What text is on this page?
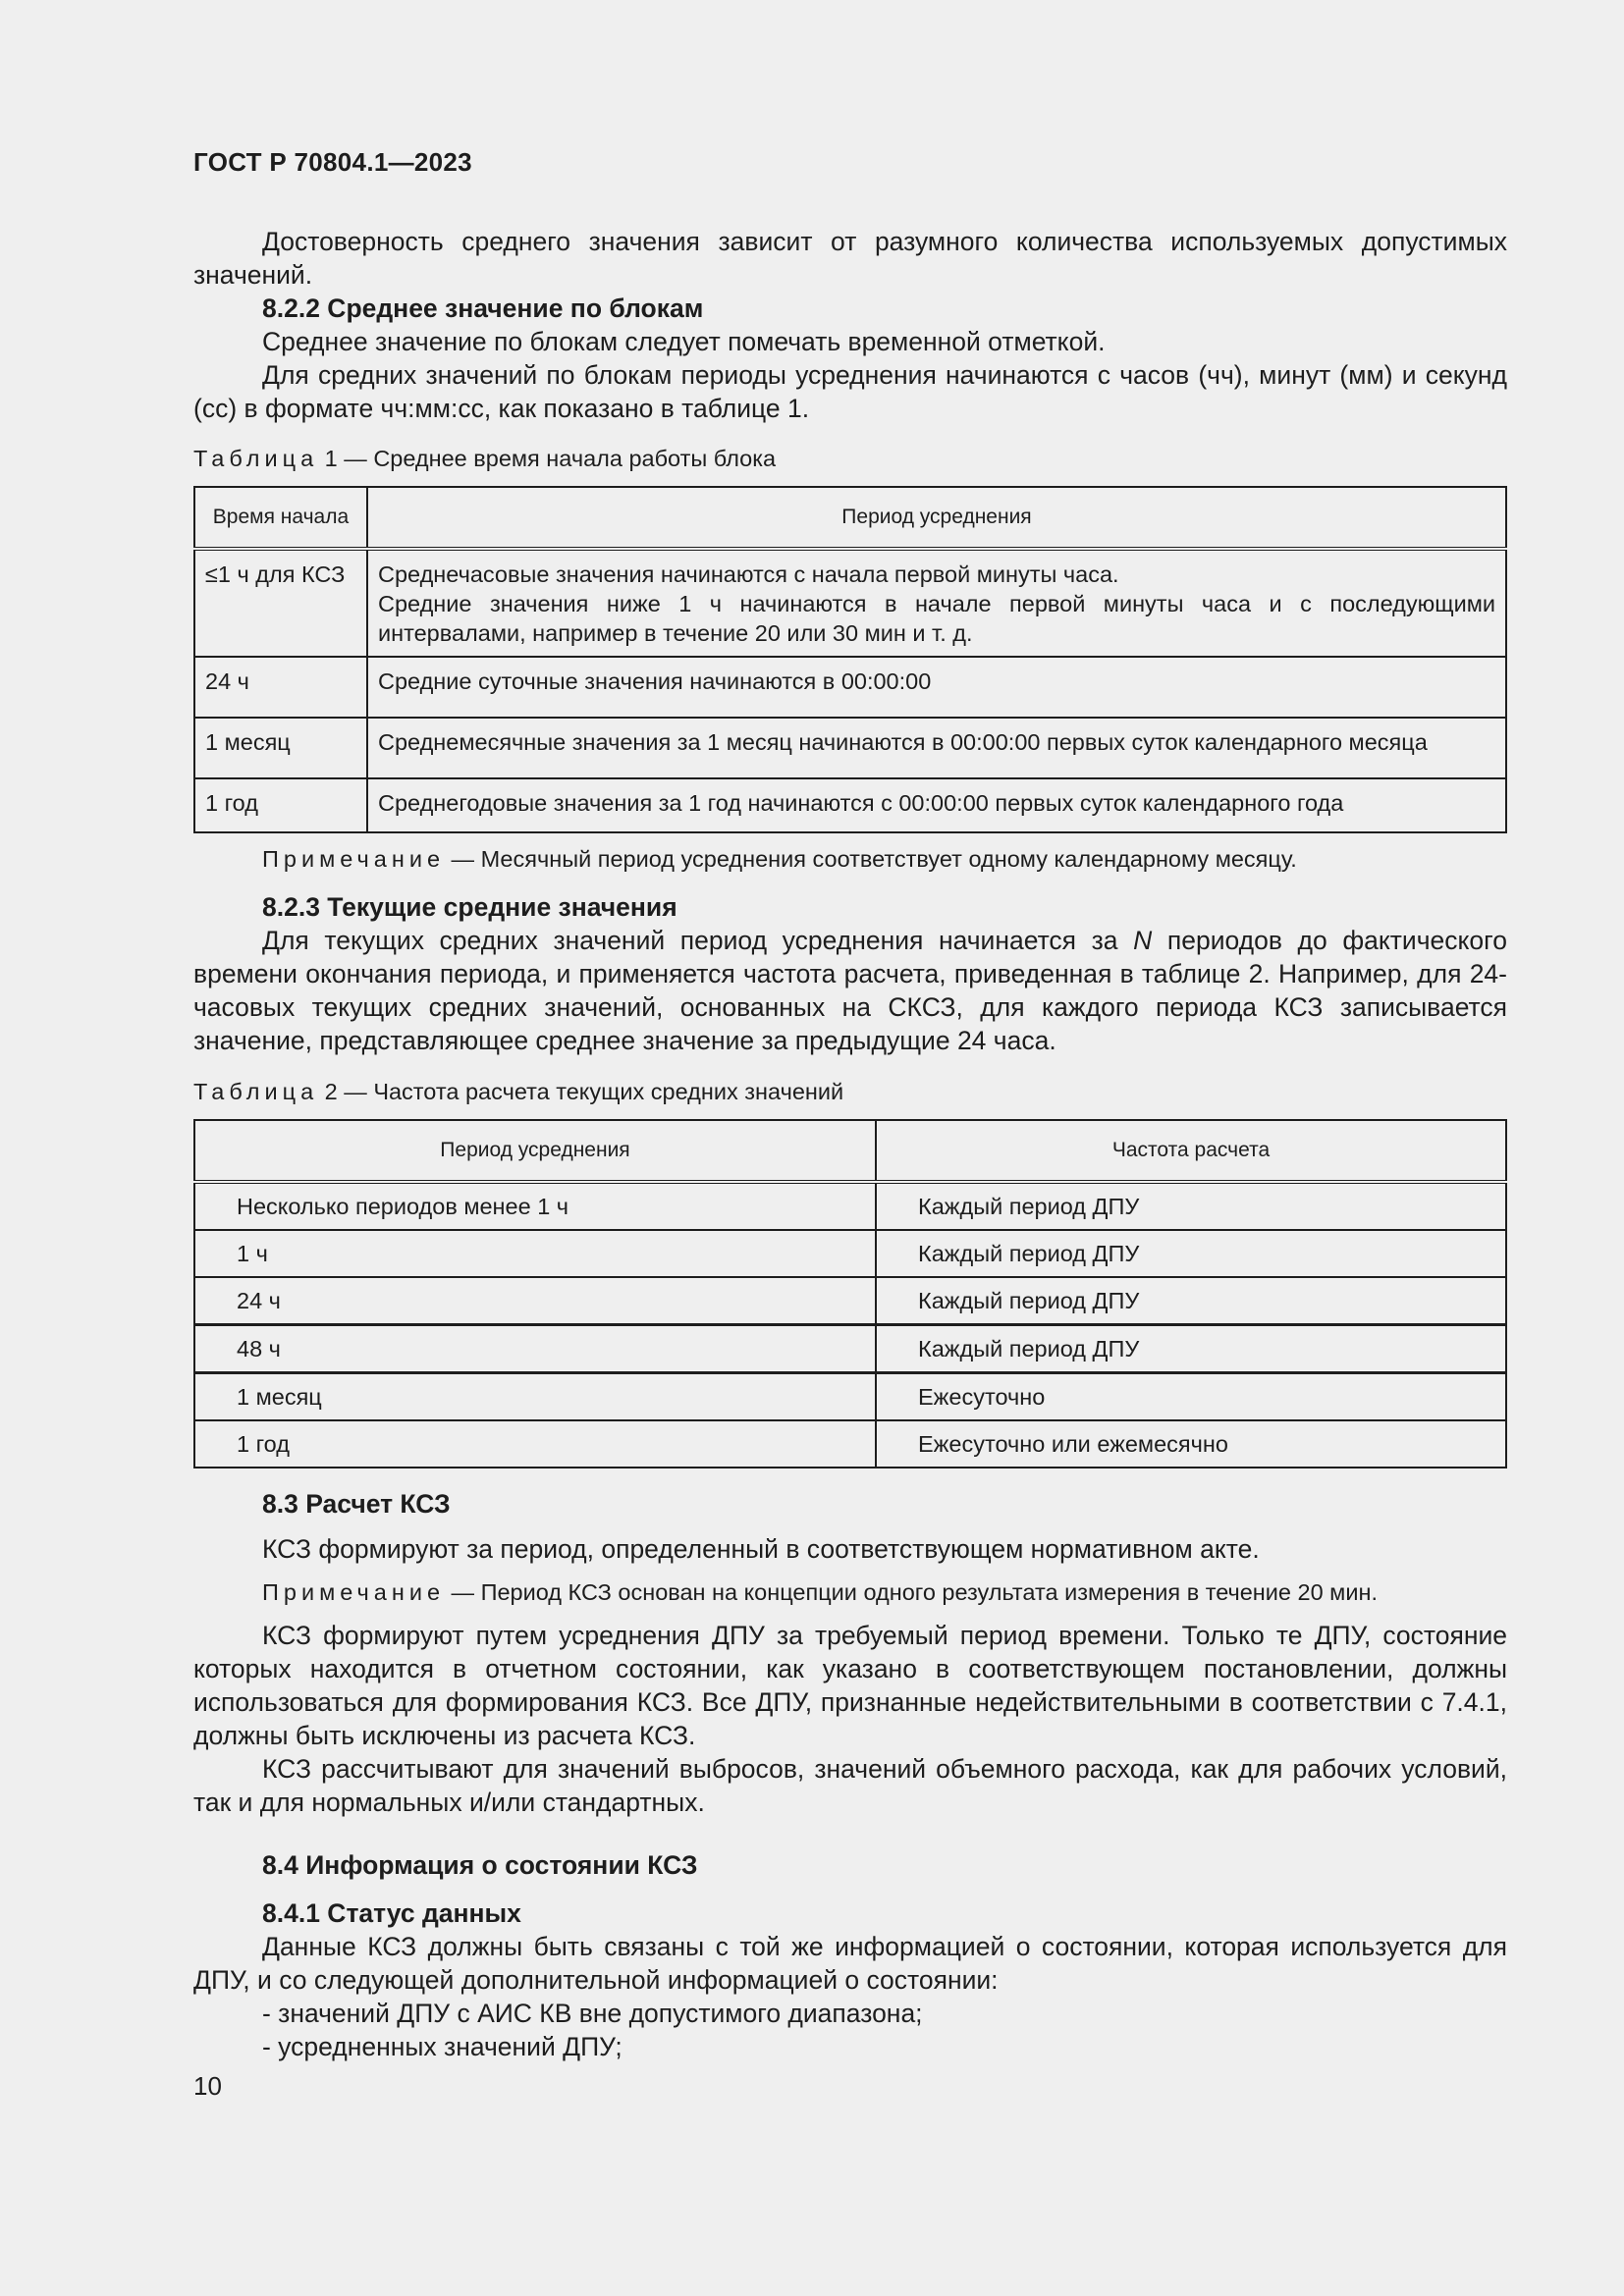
ГОСТ Р 70804.1—2023

Достоверность среднего значения зависит от разумного количества используемых допустимых значений.

8.2.2 Среднее значение по блокам

Среднее значение по блокам следует помечать временной отметкой.

Для средних значений по блокам периоды усреднения начинаются с часов (чч), минут (мм) и секунд (сс) в формате чч:мм:сс, как показано в таблице 1.

Таблица 1 — Среднее время начала работы блока

Время начала	Период усреднения
≤1 ч для КСЗ	Среднечасовые значения начинаются с начала первой минуты часа.
Средние значения ниже 1 ч начинаются в начале первой минуты часа и с последующими интервалами, например в течение 20 или 30 мин и т. д.

24 ч	Средние суточные значения начинаются в 00:00:00
1 месяц	Среднемесячные значения за 1 месяц начинаются в 00:00:00 первых суток календарного месяца
1 год	Среднегодовые значения за 1 год начинаются с 00:00:00 первых суток календарного года

Примечание — Месячный период усреднения соответствует одному календарному месяцу.

8.2.3 Текущие средние значения

Для текущих средних значений период усреднения начинается за N периодов до фактического времени окончания периода, и применяется частота расчета, приведенная в таблице 2. Например, для 24-часовых текущих средних значений, основанных на СКСЗ, для каждого периода КСЗ записывается значение, представляющее среднее значение за предыдущие 24 часа.

Таблица 2 — Частота расчета текущих средних значений

Период усреднения	Частота расчета
Несколько периодов менее 1 ч	Каждый период ДПУ
1 ч	Каждый период ДПУ
24 ч	Каждый период ДПУ
48 ч	Каждый период ДПУ
1 месяц	Ежесуточно
1 год	Ежесуточно или ежемесячно

8.3 Расчет КСЗ

КСЗ формируют за период, определенный в соответствующем нормативном акте.

Примечание — Период КСЗ основан на концепции одного результата измерения в течение 20 мин.

КСЗ формируют путем усреднения ДПУ за требуемый период времени. Только те ДПУ, состояние которых находится в отчетном состоянии, как указано в соответствующем постановлении, должны использоваться для формирования КСЗ. Все ДПУ, признанные недействительными в соответствии с 7.4.1, должны быть исключены из расчета КСЗ.

КСЗ рассчитывают для значений выбросов, значений объемного расхода, как для рабочих условий, так и для нормальных и/или стандартных.

8.4 Информация о состоянии КСЗ

8.4.1 Статус данных

Данные КСЗ должны быть связаны с той же информацией о состоянии, которая используется для ДПУ, и со следующей дополнительной информацией о состоянии:

- значений ДПУ с АИС КВ вне допустимого диапазона;

- усредненных значений ДПУ;

10
